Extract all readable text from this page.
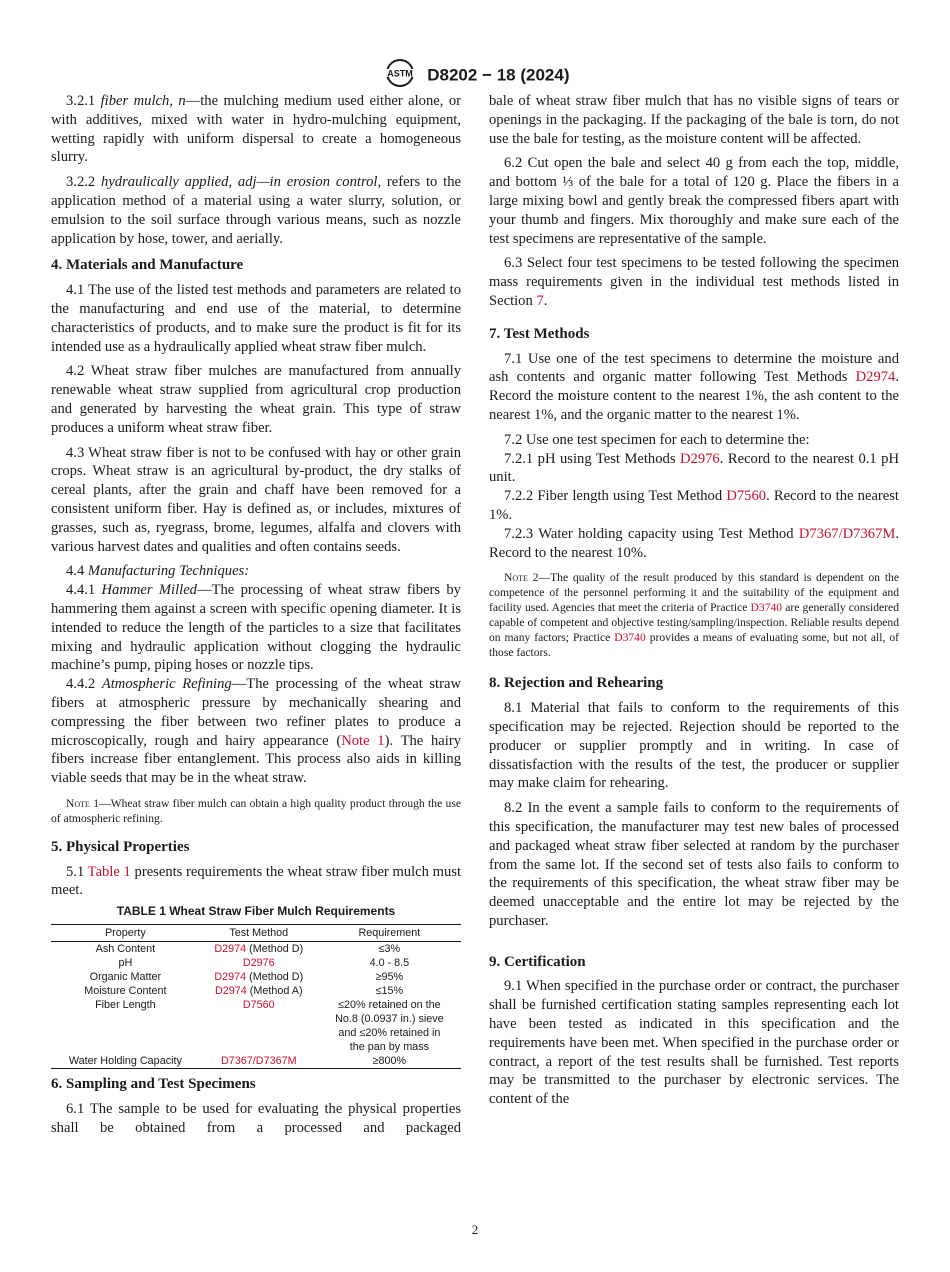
ASTM D8202 − 18 (2024)

3.2.1 fiber mulch, n—the mulching medium used either alone, or with additives, mixed with water in hydro-mulching equipment, wetting rapidly with uniform dispersal to create a homogeneous slurry.

3.2.2 hydraulically applied, adj—in erosion control, refers to the application method of a material using a water slurry, solution, or emulsion to the soil surface through various means, such as nozzle application by hose, tower, and aerially.

4. Materials and Manufacture

4.1 The use of the listed test methods and parameters are related to the manufacturing and end use of the material, to determine characteristics of products, and to make sure the product is fit for its intended use as a hydraulically applied wheat straw fiber mulch.

4.2 Wheat straw fiber mulches are manufactured from annually renewable wheat straw supplied from agricultural crop production and generated by harvesting the wheat grain. This type of straw produces a uniform wheat straw fiber.

4.3 Wheat straw fiber is not to be confused with hay or other grain crops. Wheat straw is an agricultural by-product, the dry stalks of cereal plants, after the grain and chaff have been removed for a consistent uniform fiber. Hay is defined as, or includes, mixtures of grasses, such as, ryegrass, brome, legumes, alfalfa and clovers with various harvest dates and qualities and often contains seeds.

4.4 Manufacturing Techniques:

4.4.1 Hammer Milled—The processing of wheat straw fibers by hammering them against a screen with specific opening diameter. It is intended to reduce the length of the particles to a size that facilitates mixing and hydraulic application without clogging the hydraulic machine’s pump, piping hoses or nozzle tips.

4.4.2 Atmospheric Refining—The processing of the wheat straw fibers at atmospheric pressure by mechanically shearing and compressing the fiber between two refiner plates to produce a microscopically, rough and hairy appearance (Note 1). The hairy fibers increase fiber entanglement. This process also aids in killing viable seeds that may be in the wheat straw.

Note 1—Wheat straw fiber mulch can obtain a high quality product through the use of atmospheric refining.
5. Physical Properties

5.1 Table 1 presents requirements the wheat straw fiber mulch must meet.

TABLE 1 Wheat Straw Fiber Mulch Requirements
Property	Test Method	Requirement
Ash Content	D2974 (Method D)	≤3%
pH	D2976	4.0 - 8.5
Organic Matter	D2974 (Method D)	≥95%
Moisture Content	D2974 (Method A)	≤15%
Fiber Length	D7560	≤20% retained on the
No.8 (0.0937 in.) sieve
and ≤20% retained in
the pan by mass

Water Holding Capacity	D7367/D7367M	≥800%
6. Sampling and Test Specimens

6.1 The sample to be used for evaluating the physical properties shall be obtained from a processed and packaged

bale of wheat straw fiber mulch that has no visible signs of tears or openings in the packaging. If the packaging of the bale is torn, do not use the bale for testing, as the moisture content will be affected.

6.2 Cut open the bale and select 40 g from each the top, middle, and bottom ⅓ of the bale for a total of 120 g. Place the fibers in a large mixing bowl and gently break the compressed fibers apart with your thumb and fingers. Mix thoroughly and make sure each of the test specimens are representative of the sample.

6.3 Select four test specimens to be tested following the specimen mass requirements given in the individual test methods listed in Section 7.

7. Test Methods

7.1 Use one of the test specimens to determine the moisture and ash contents and organic matter following Test Methods D2974. Record the moisture content to the nearest 1%, the ash content to the nearest 1%, and the organic matter to the nearest 1%.

7.2 Use one test specimen for each to determine the:

7.2.1 pH using Test Methods D2976. Record to the nearest 0.1 pH unit.

7.2.2 Fiber length using Test Method D7560. Record to the nearest 1%.

7.2.3 Water holding capacity using Test Method D7367/D7367M. Record to the nearest 10%.

Note 2—The quality of the result produced by this standard is dependent on the competence of the personnel performing it and the suitability of the equipment and facility used. Agencies that meet the criteria of Practice D3740 are generally considered capable of competent and objective testing/sampling/inspection. Reliable results depend on many factors; Practice D3740 provides a means of evaluating some, but not all, of those factors.
8. Rejection and Rehearing

8.1 Material that fails to conform to the requirements of this specification may be rejected. Rejection should be reported to the producer or supplier promptly and in writing. In case of dissatisfaction with the results of the test, the producer or supplier may make claim for rehearing.

8.2 In the event a sample fails to conform to the requirements of this specification, the manufacturer may test new bales of processed and packaged wheat straw fiber selected at random by the purchaser from the same lot. If the second set of tests also fails to conform to the requirements of this specification, the wheat straw fiber may be deemed unacceptable and the entire lot may be rejected by the purchaser.

9. Certification

9.1 When specified in the purchase order or contract, the purchaser shall be furnished certification stating samples representing each lot have been tested as indicated in this specification and the requirements have been met. When specified in the purchase order or contract, a report of the test results shall be furnished. Test reports may be transmitted to the purchaser by electronic services. The content of the

2
